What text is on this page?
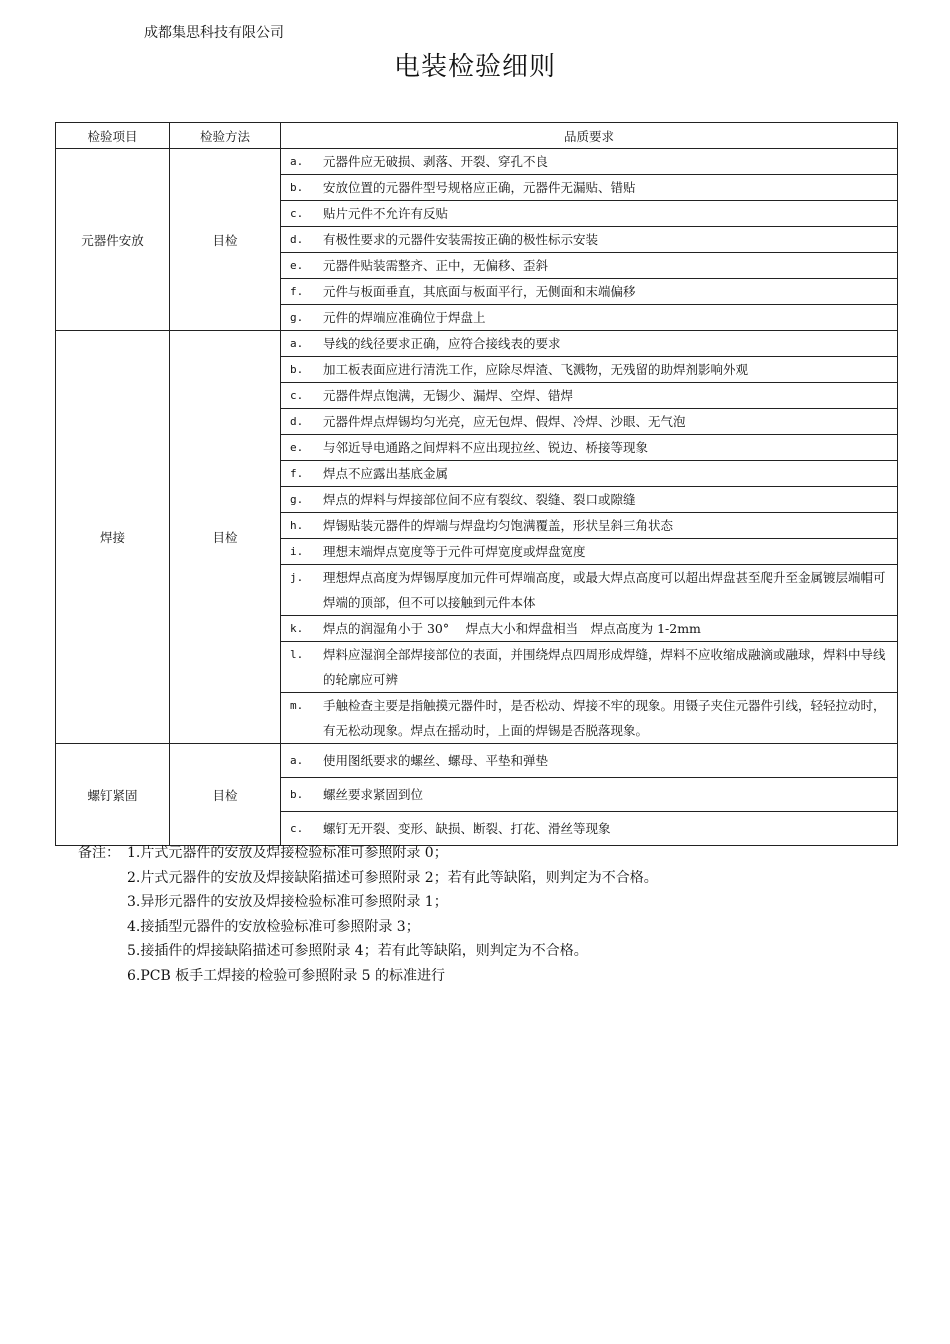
成都集思科技有限公司
电装检验细则
检验项目	检验方法	品质要求
元器件安放	目检	a. 元器件应无破损、剥落、开裂、穿孔不良

		b. 安放位置的元器件型号规格应正确，元器件无漏贴、错贴

		c. 贴片元件不允许有反贴

		d. 有极性要求的元器件安装需按正确的极性标示安装

		e. 元器件贴装需整齐、正中，无偏移、歪斜

		f. 元件与板面垂直，其底面与板面平行，无侧面和末端偏移

		g. 元件的焊端应准确位于焊盘上

焊接	目检	a. 导线的线径要求正确，应符合接线表的要求

		b. 加工板表面应进行清洗工作，应除尽焊渣、飞溅物，无残留的助焊剂影响外观

		c. 元器件焊点饱满，无锡少、漏焊、空焊、错焊

		d. 元器件焊点焊锡均匀光亮，应无包焊、假焊、冷焊、沙眼、无气泡

		e. 与邻近导电通路之间焊料不应出现拉丝、锐边、桥接等现象

		f. 焊点不应露出基底金属

		g. 焊点的焊料与焊接部位间不应有裂纹、裂缝、裂口或隙缝

		h. 焊锡贴装元器件的焊端与焊盘均匀饱满覆盖，形状呈斜三角状态

		i. 理想末端焊点宽度等于元件可焊宽度或焊盘宽度

		j. 理想焊点高度为焊锡厚度加元件可焊端高度，或最大焊点高度可以超出焊盘甚至爬升至金属镀层端帽可焊端的顶部，但不可以接触到元件本体

		k. 焊点的润湿角小于 30°　 焊点大小和焊盘相当　焊点高度为 1-2mm

		l. 焊料应湿润全部焊接部位的表面，并围绕焊点四周形成焊缝，焊料不应收缩成融滴或融球，焊料中导线的轮廓应可辨

		m. 手触检查主要是指触摸元器件时，是否松动、焊接不牢的现象。用镊子夹住元器件引线，轻轻拉动时，有无松动现象。焊点在摇动时，上面的焊锡是否脱落现象。

螺钉紧固	目检	a. 使用图纸要求的螺丝、螺母、平垫和弹垫

		b. 螺丝要求紧固到位

		c. 螺钉无开裂、变形、缺损、断裂、打花、滑丝等现象
备注： 1.片式元器件的安放及焊接检验标准可参照附录 0；
2.片式元器件的安放及焊接缺陷描述可参照附录 2；若有此等缺陷，则判定为不合格。
3.异形元器件的安放及焊接检验标准可参照附录 1；
4.接插型元器件的安放检验标准可参照附录 3；
5.接插件的焊接缺陷描述可参照附录 4；若有此等缺陷，则判定为不合格。
6.PCB 板手工焊接的检验可参照附录 5 的标准进行
